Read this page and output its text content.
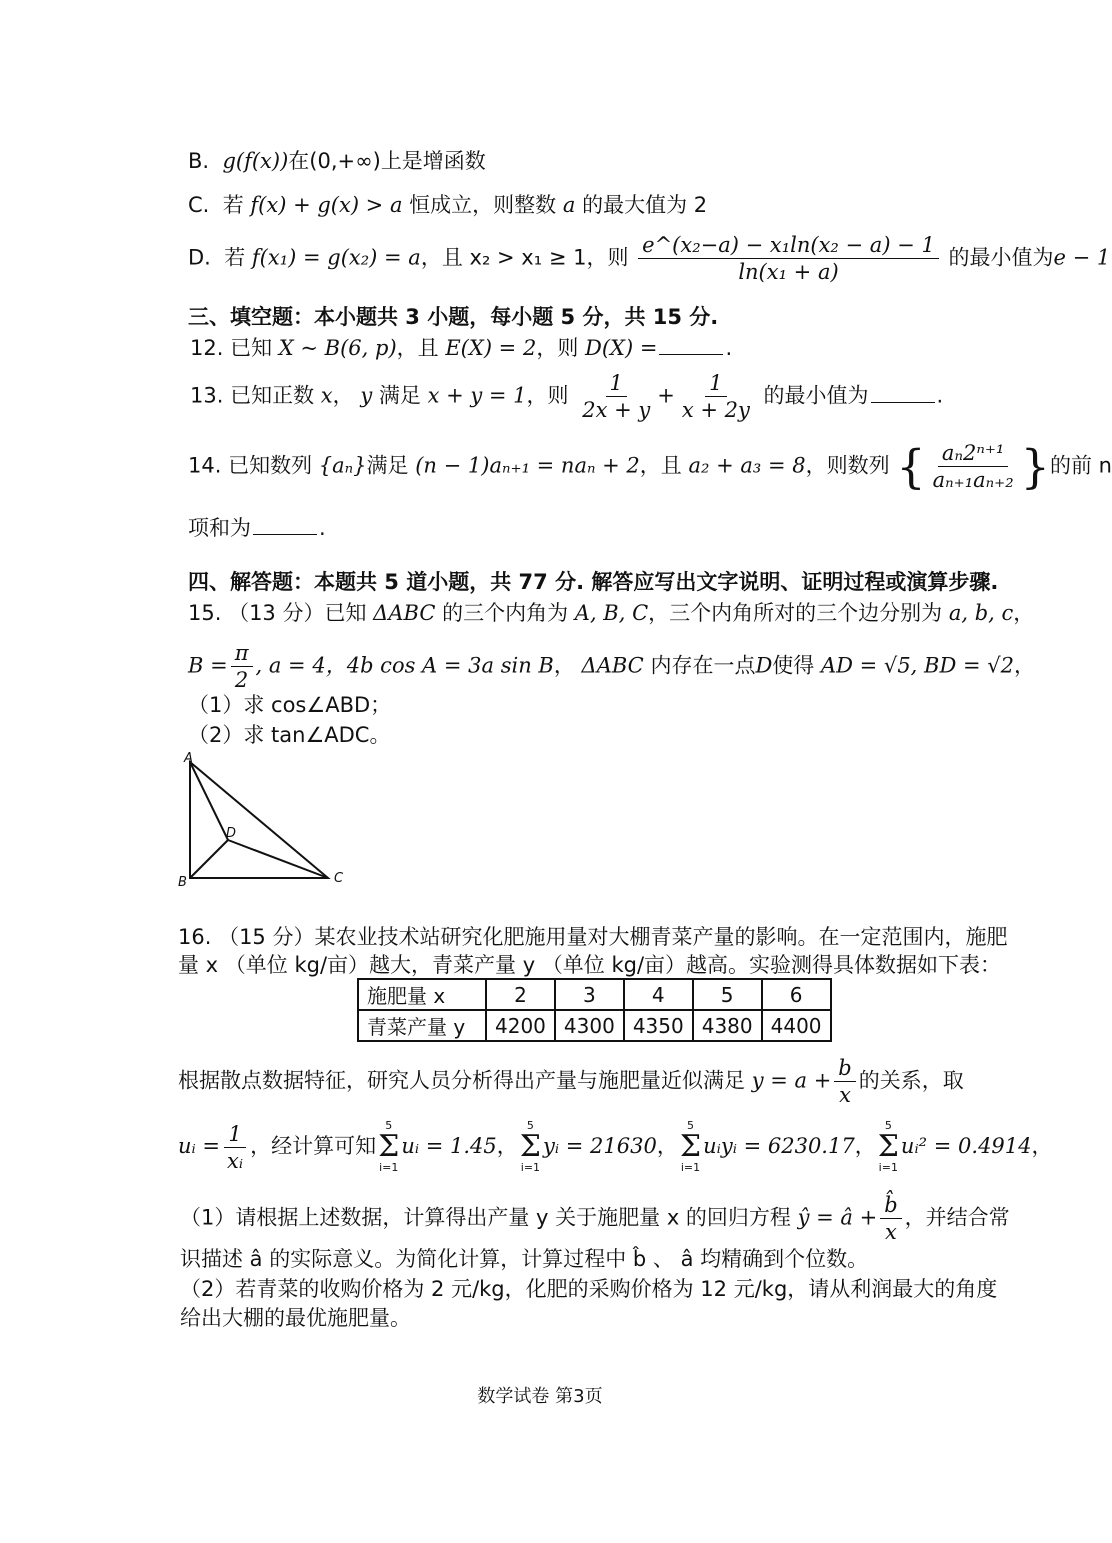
B. g(f(x))在(0,+∞)上是增函数
C. 若 f(x) + g(x) > a 恒成立，则整数 a 的最大值为 2
D. 若 f(x₁) = g(x₂) = a，且 x₂ > x₁ ≥ 1，则 $\frac{\text{e\textasciicircum{}(x₂−a) − x₁ln(x₂ − a) − 1}}{\text{ln(x₁ + a)}}$ 的最小值为e − 1
三、填空题：本小题共 3 小题，每小题 5 分，共 15 分.
12. 已知 X ~ B(6, p)，且 E(X) = 2，则 D(X) =	.
13. 已知正数 x， y 满足 x + y = 1，则 $\frac{1}{2x + y} + \frac{1}{x + 2y}$ 的最小值为	.
14. 已知数列 {aₙ}满足 (n − 1)aₙ₊₁ = naₙ + 2，且 a₂ + a₃ = 8，则数列 { $\frac{\text{aₙ2ⁿ⁺¹}}{\text{aₙ₊₁aₙ₊₂}}$ }的前 n
项和为	.
四、解答题：本题共 5 道小题，共 77 分. 解答应写出文字说明、证明过程或演算步骤.
15. （13 分）已知 ΔABC 的三个内角为 A, B, C，三个内角所对的三个边分别为 a, b, c，
$B = \frac{\pi}{2}$ , a = 4，4b cos A = 3a sin B， ΔABC 内存在一点D使得 AD = √5, BD = √2，
（1）求 cos∠ABD；
（2）求 tan∠ADC。
A
B	C
D
16. （15 分）某农业技术站研究化肥施用量对大棚青菜产量的影响。在一定范围内，施肥
量 x （单位 kg/亩）越大，青菜产量 y （单位 kg/亩）越高。实验测得具体数据如下表：
施肥量 x	2	3	4	5	6
青菜产量 y	4200	4300	4350	4380	4400
根据散点数据特征，研究人员分析得出产量与施肥量近似满足 $y = a + \frac{b}{x}$ 的关系，取
uᵢ = $\frac{1}{\text{xᵢ}}$ ，经计算可知
5
Σ
i=1
uᵢ = 1.45，
5
Σ
i=1
yᵢ = 21630，
5
Σ
i=1
uᵢyᵢ = 6230.17，
5
Σ
i=1
uᵢ² = 0.4914，
（1）请根据上述数据，计算得出产量 y 关于施肥量 x 的回归方程 ŷ = â + $\frac{b̂}{x}$ ，并结合常
识描述 â 的实际意义。为简化计算，计算过程中 b̂ 、 â 均精确到个位数。
（2）若青菜的收购价格为 2 元/kg，化肥的采购价格为 12 元/kg，请从利润最大的角度
给出大棚的最优施肥量。
数学试卷 第3页
